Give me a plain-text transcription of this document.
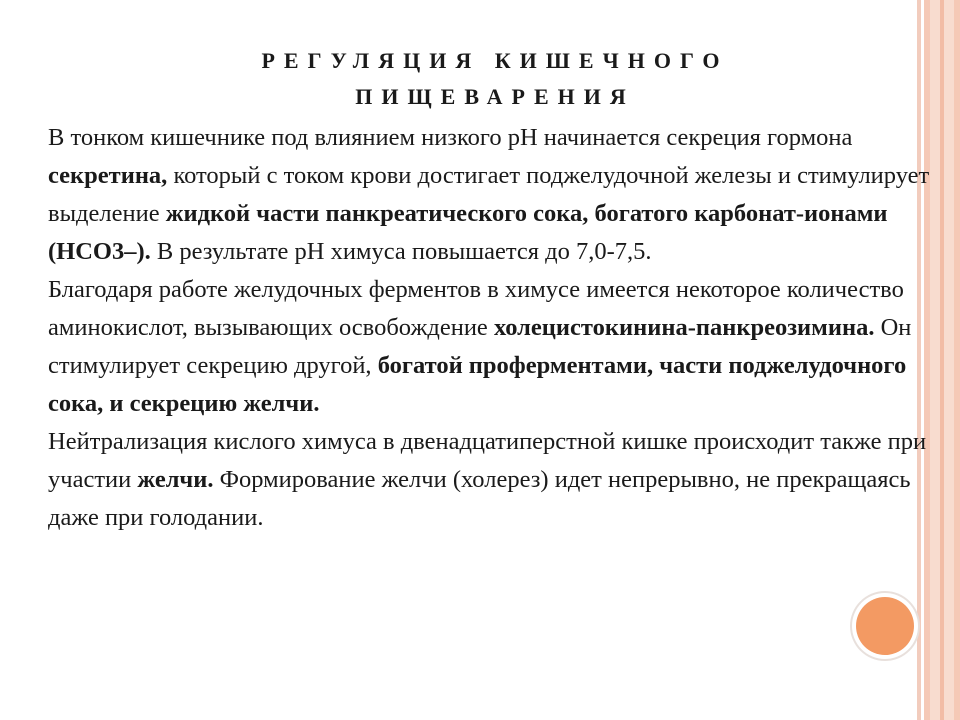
РЕГУЛЯЦИЯ КИШЕЧНОГО
ПИЩЕВАРЕНИЯ

В тонком кишечнике под влиянием низкого рН начинается секреция гормона секретина, который с током крови достигает поджелудочной железы и стимулирует выделение жидкой части панкреатического сока, богатого карбонат-ионами (НСО3–). В результате рН химуса повышается до 7,0-7,5.

Благодаря работе желудочных ферментов в химусе имеется некоторое количество аминокислот, вызывающих освобождение холецистокинина-панкреозимина. Он стимулирует секрецию другой, богатой проферментами, части поджелудочного сока, и секрецию желчи.

Нейтрализация кислого химуса в двенадцатиперстной кишке происходит также при участии желчи. Формирование желчи (холерез) идет непрерывно, не прекращаясь даже при голодании.
